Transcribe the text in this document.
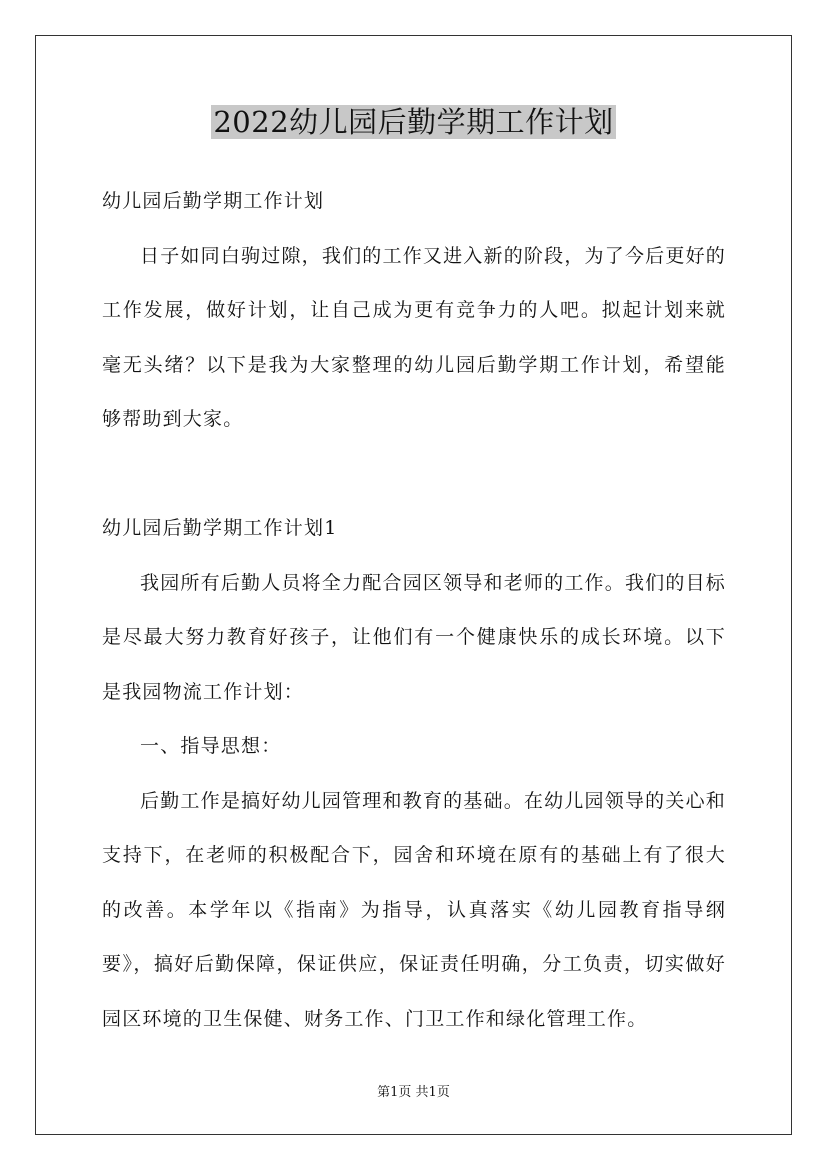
2022幼儿园后勤学期工作计划

幼儿园后勤学期工作计划

日子如同白驹过隙，我们的工作又进入新的阶段，为了今后更好的工作发展，做好计划，让自己成为更有竞争力的人吧。拟起计划来就毫无头绪？以下是我为大家整理的幼儿园后勤学期工作计划，希望能够帮助到大家。

幼儿园后勤学期工作计划1

我园所有后勤人员将全力配合园区领导和老师的工作。我们的目标是尽最大努力教育好孩子，让他们有一个健康快乐的成长环境。以下是我园物流工作计划：

一、指导思想：

后勤工作是搞好幼儿园管理和教育的基础。在幼儿园领导的关心和支持下，在老师的积极配合下，园舍和环境在原有的基础上有了很大的改善。本学年以《指南》为指导，认真落实《幼儿园教育指导纲要》，搞好后勤保障，保证供应，保证责任明确，分工负责，切实做好园区环境的卫生保健、财务工作、门卫工作和绿化管理工作。

第1页 共1页
